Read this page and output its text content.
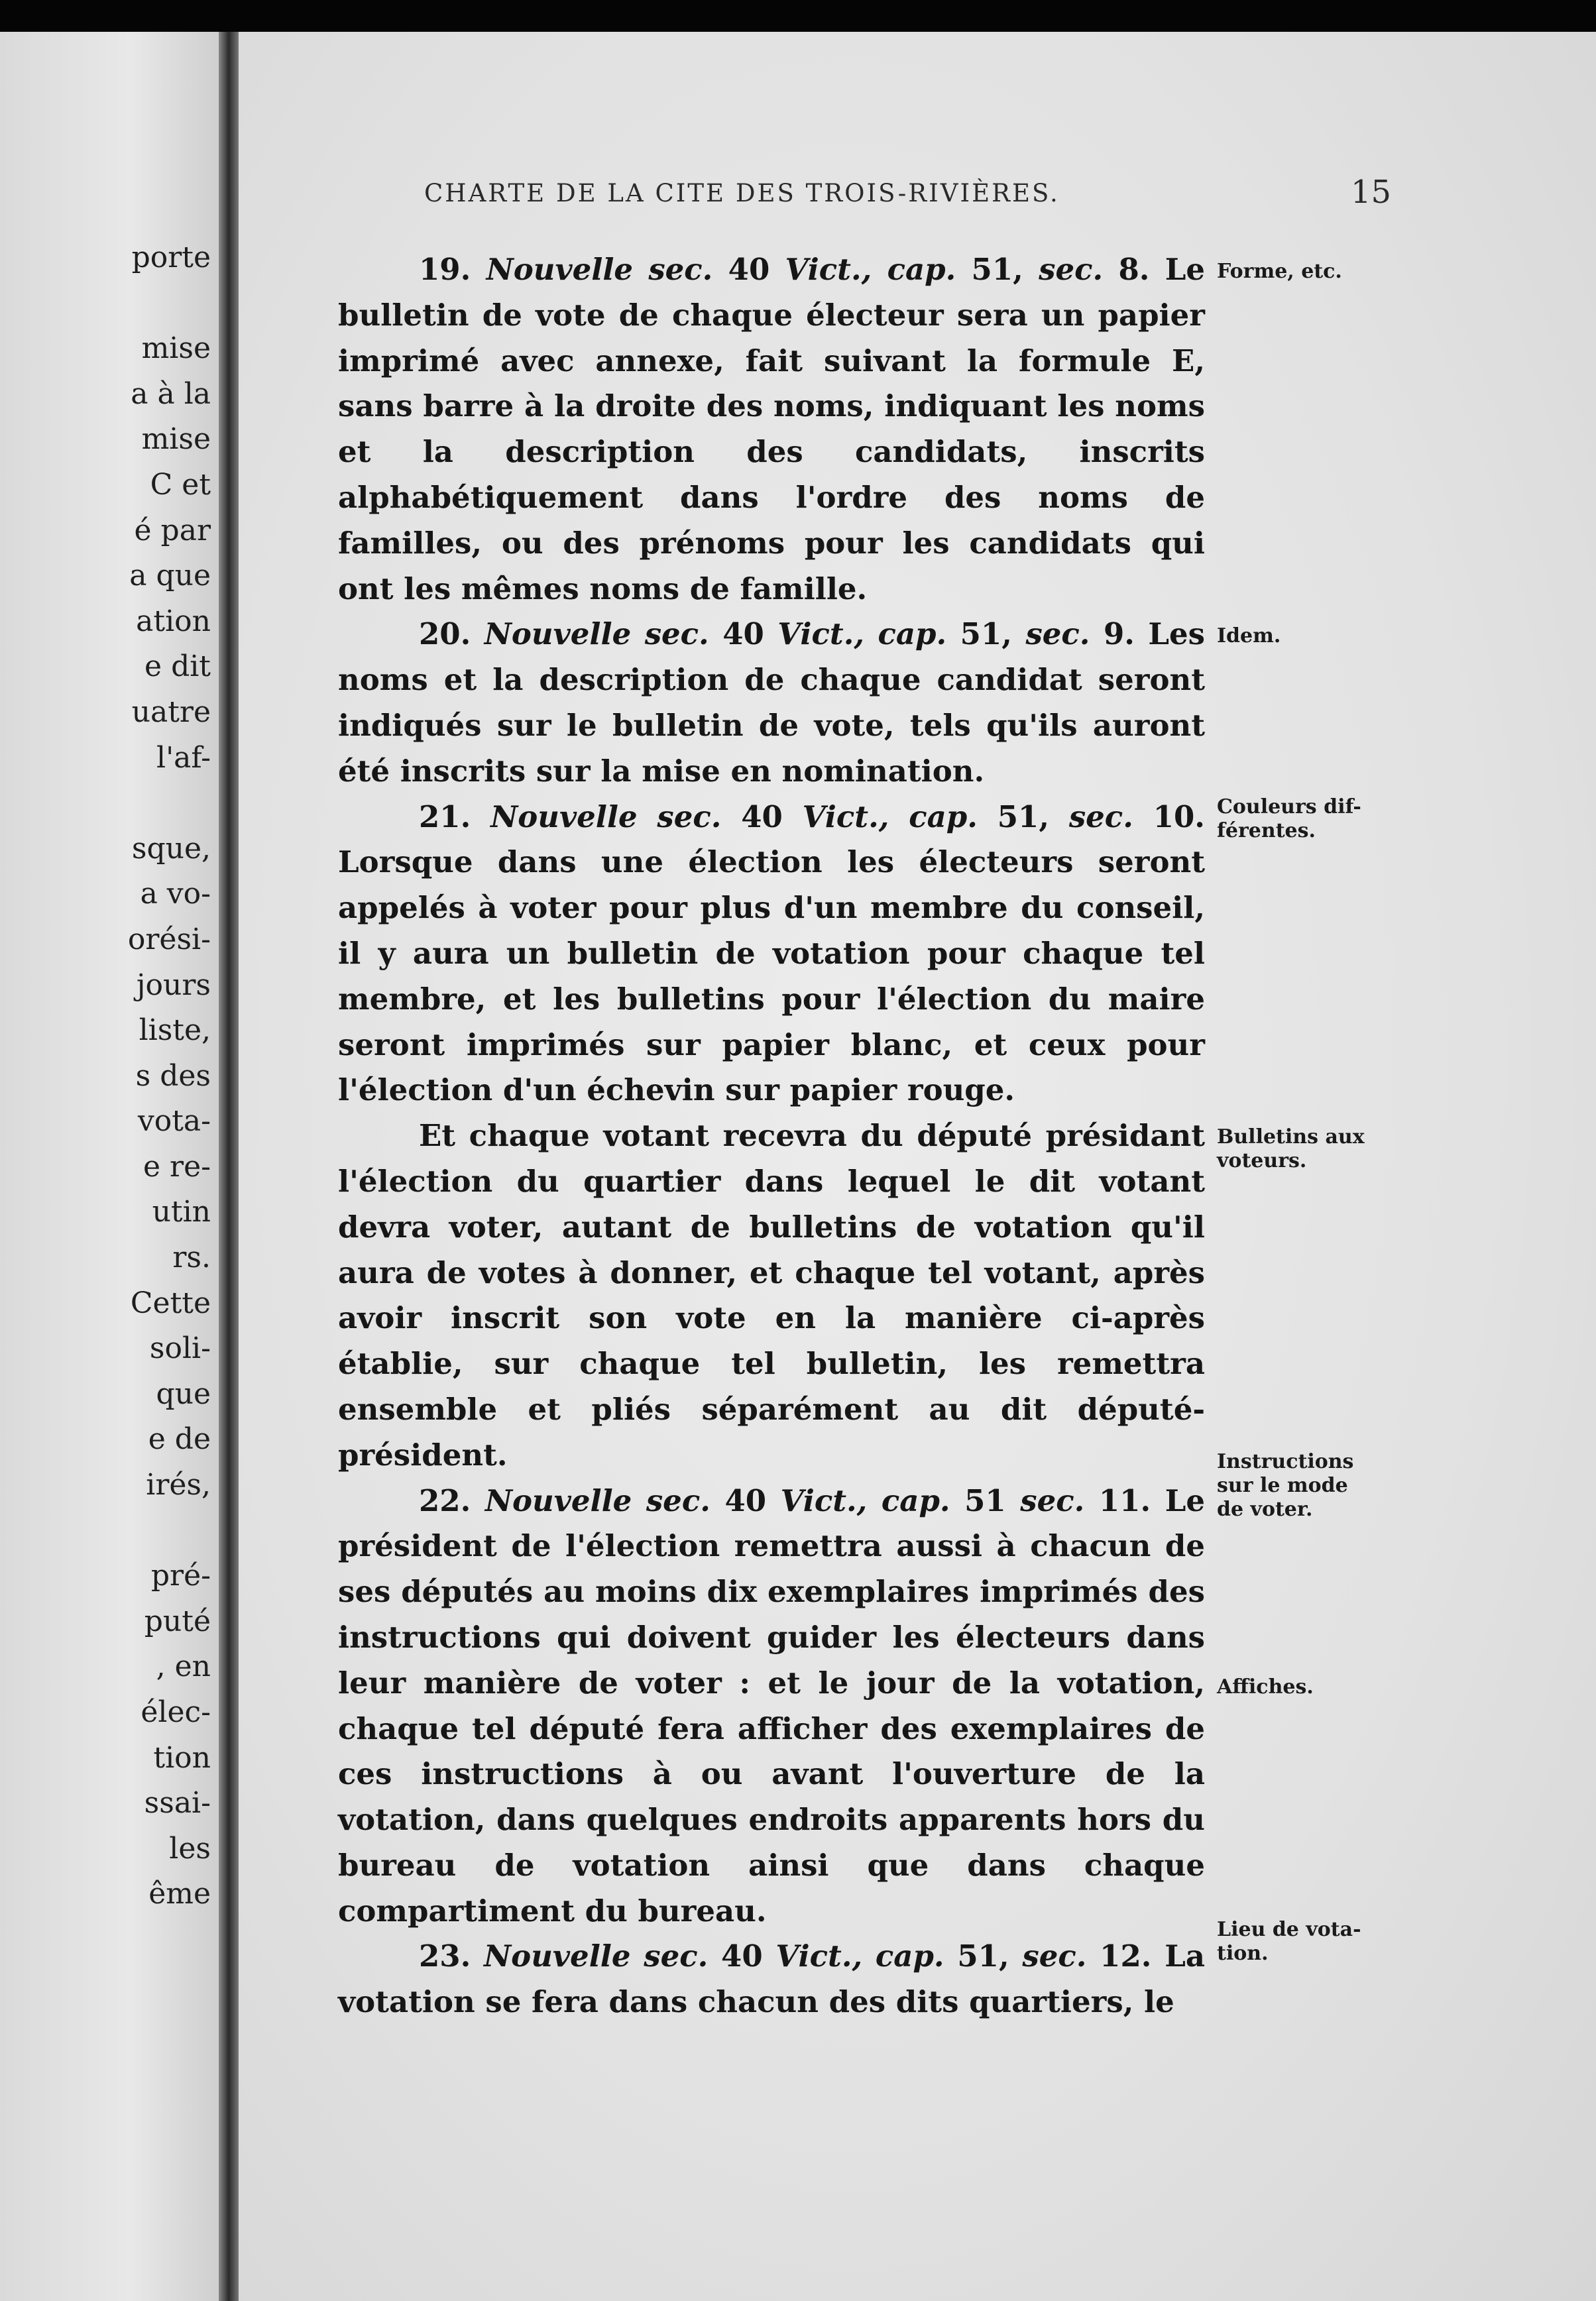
porte
mise
a à la
mise
C et
é par
a que
ation
e dit
uatre
l'af-
sque,
a vo-
orési-
jours
liste,
s des
vota-
e re-
utin
rs.
Cette
soli-
que
e de
irés,
pré-
puté
, en
élec-
tion
ssai-
les
ême
CHARTE DE LA CITE DES TROIS-RIVIÈRES.	15

19. Nouvelle sec. 40 Vict., cap. 51, sec. 8. Le bulletin de vote de chaque électeur sera un papier imprimé avec annexe, fait suivant la formule E, sans barre à la droite des noms, indiquant les noms et la description des candidats, inscrits alphabétiquement dans l'ordre des noms de familles, ou des prénoms pour les candidats qui ont les mêmes noms de famille.

20. Nouvelle sec. 40 Vict., cap. 51, sec. 9. Les noms et la description de chaque candidat seront indiqués sur le bulletin de vote, tels qu'ils auront été inscrits sur la mise en nomination.

21. Nouvelle sec. 40 Vict., cap. 51, sec. 10. Lorsque dans une élection les électeurs seront appelés à voter pour plus d'un membre du conseil, il y aura un bulletin de votation pour chaque tel membre, et les bulletins pour l'élection du maire seront imprimés sur papier blanc, et ceux pour l'élection d'un échevin sur papier rouge.

Et chaque votant recevra du député présidant l'élection du quartier dans lequel le dit votant devra voter, autant de bulletins de votation qu'il aura de votes à donner, et chaque tel votant, après avoir inscrit son vote en la manière ci-après établie, sur chaque tel bulletin, les remettra ensemble et pliés séparément au dit député-président.

22. Nouvelle sec. 40 Vict., cap. 51 sec. 11. Le président de l'élection remettra aussi à chacun de ses députés au moins dix exemplaires imprimés des instructions qui doivent guider les électeurs dans leur manière de voter : et le jour de la votation, chaque tel député fera afficher des exemplaires de ces instructions à ou avant l'ouverture de la votation, dans quelques endroits apparents hors du bureau de votation ainsi que dans chaque compartiment du bureau.

23. Nouvelle sec. 40 Vict., cap. 51, sec. 12. La votation se fera dans chacun des dits quartiers, le

Forme, etc.
Idem.
Couleurs dif-
férentes.
Bulletins aux
voteurs.
Instructions
sur le mode
de voter.
Affiches.
Lieu de vota-
tion.
